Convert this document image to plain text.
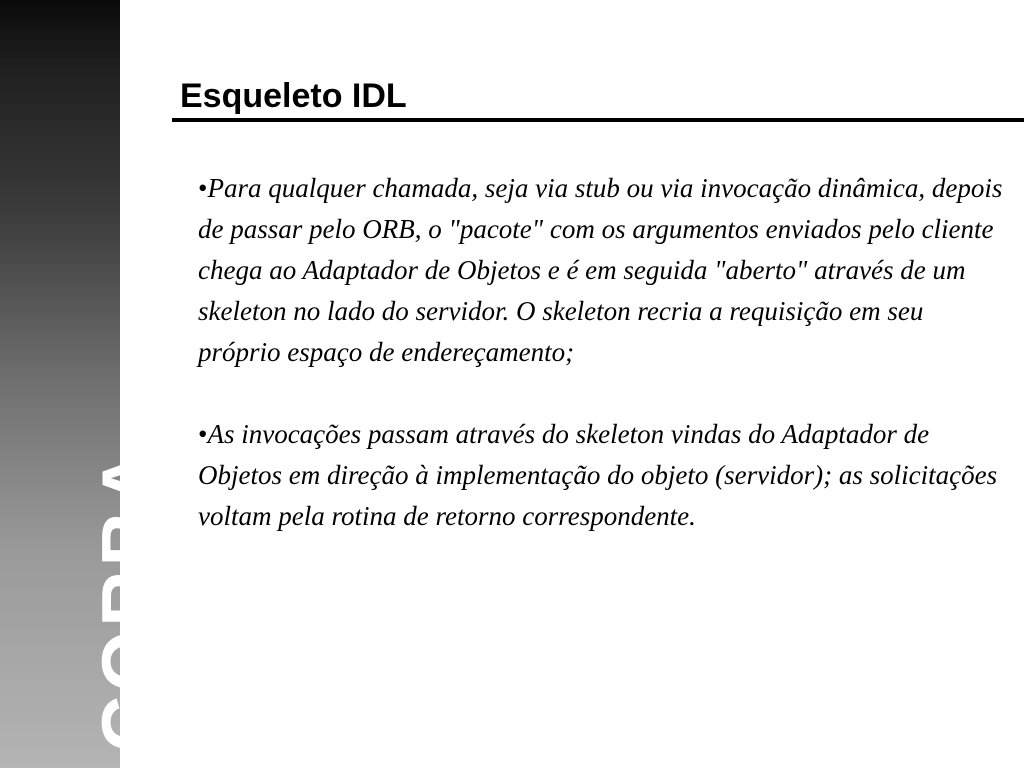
CORBA
Esqueleto IDL

•Para qualquer chamada, seja via stub ou via invocação dinâmica, depois de passar pelo ORB, o "pacote" com os argumentos enviados pelo cliente chega ao Adaptador de Objetos e é em seguida "aberto" através de um skeleton no lado do servidor. O skeleton recria a requisição em seu próprio espaço de endereçamento;

•As invocações passam através do skeleton vindas do Adaptador de Objetos em direção à implementação do objeto (servidor); as solicitações voltam pela rotina de retorno correspondente.
